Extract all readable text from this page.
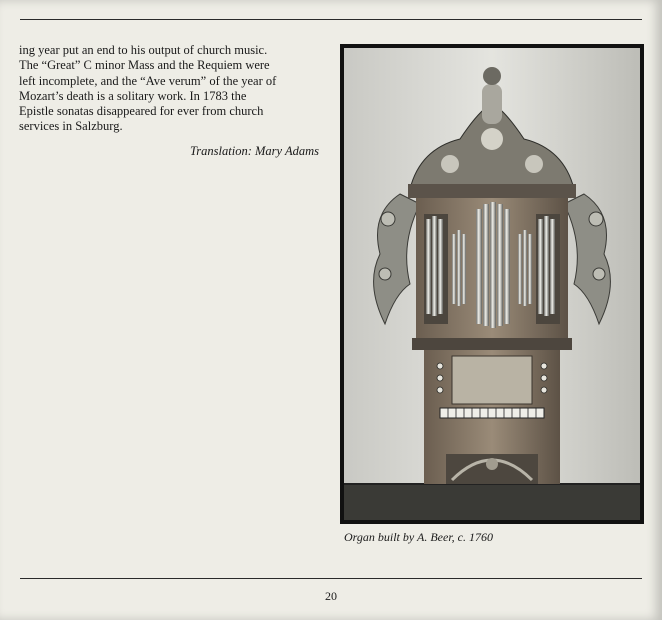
ing year put an end to his output of church music.

The “Great” C minor Mass and the Requiem were

left incomplete, and the “Ave verum” of the year of

Mozart’s death is a solitary work. In 1783 the

Epistle sonatas disappeared for ever from church

services in Salzburg.

Translation: Mary Adams
Organ built by A. Beer, c. 1760
20
